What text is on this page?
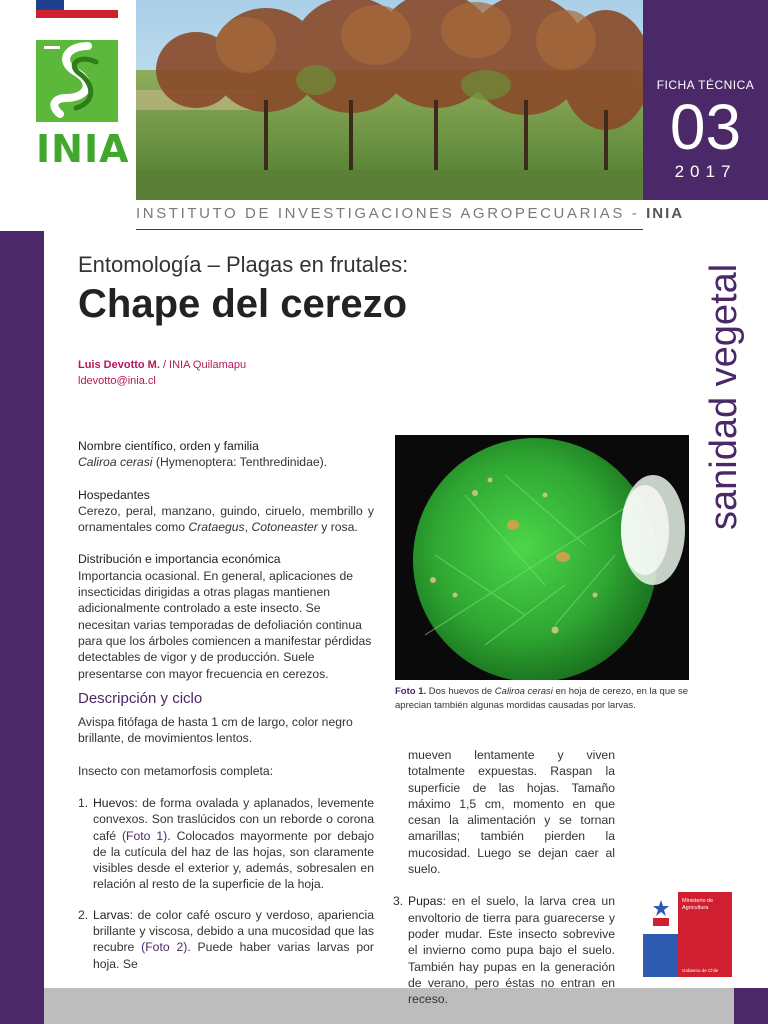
INIA
FICHA TÉCNICA
03
2017
INSTITUTO DE INVESTIGACIONES AGROPECUARIAS - INIA
sanidad vegetal
Entomología – Plagas en frutales:
Chape del cerezo
Luis Devotto M. / INIA Quilamapu
ldevotto@inia.cl

Nombre científico, orden y familia

Caliroa cerasi (Hymenoptera: Tenthredinidae).

Hospedantes

Cerezo, peral, manzano, guindo, ciruelo, membrillo y ornamentales como Crataegus, Cotoneaster y rosa.

Distribución e importancia económica

Importancia ocasional. En general, aplicaciones de insecticidas dirigidas a otras plagas mantienen adicionalmente controlado a este insecto. Se necesitan varias temporadas de defoliación continua para que los árboles comiencen a manifestar pérdidas detectables de vigor y de producción. Suele presentarse con mayor frecuencia en cerezos.

Descripción y ciclo

Avispa fitófaga de hasta 1 cm de largo, color negro brillante, de movimientos lentos.

Insecto con metamorfosis completa:

1. Huevos: de forma ovalada y aplanados, levemente convexos. Son traslúcidos con un reborde o corona café (Foto 1). Colocados mayormente por debajo de la cutícula del haz de las hojas, son claramente visibles desde el exterior y, además, sobresalen en relación al resto de la superficie de la hoja.
2. Larvas: de color café oscuro y verdoso, apariencia brillante y viscosa, debido a una mucosidad que las recubre (Foto 2). Puede haber varias larvas por hoja. Se
Foto 1. Dos huevos de Caliroa cerasi en hoja de cerezo, en la que se aprecian también algunas mordidas causadas por larvas.

mueven lentamente y viven totalmente expuestas. Raspan la superficie de las hojas. Tamaño máximo 1,5 cm, momento en que cesan la alimentación y se tornan amarillas; también pierden la mucosidad. Luego se dejan caer al suelo.

3. Pupas: en el suelo, la larva crea un envoltorio de tierra para guarecerse y poder mudar. Este insecto sobrevive el invierno como pupa bajo el suelo. También hay pupas en la generación de verano, pero éstas no entran en receso.
Ministerio de Agricultura
Gobierno de Chile
